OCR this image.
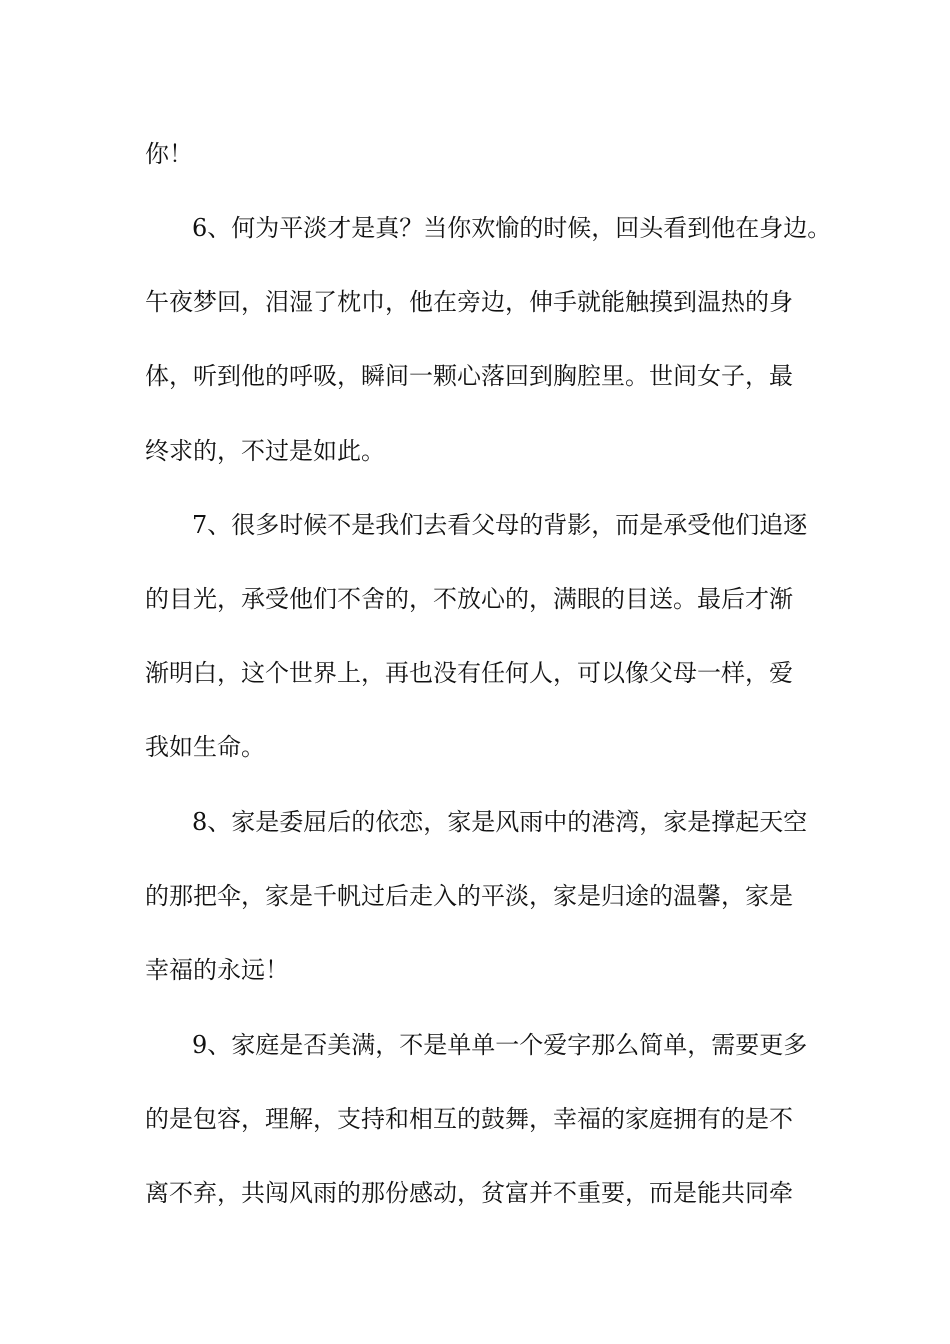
你！
6、何为平淡才是真？当你欢愉的时候，回头看到他在身边。
午夜梦回，泪湿了枕巾，他在旁边，伸手就能触摸到温热的身
体，听到他的呼吸，瞬间一颗心落回到胸腔里。世间女子，最
终求的，不过是如此。
7、很多时候不是我们去看父母的背影，而是承受他们追逐
的目光，承受他们不舍的，不放心的，满眼的目送。最后才渐
渐明白，这个世界上，再也没有任何人，可以像父母一样，爱
我如生命。
8、家是委屈后的依恋，家是风雨中的港湾，家是撑起天空
的那把伞，家是千帆过后走入的平淡，家是归途的温馨，家是
幸福的永远！
9、家庭是否美满，不是单单一个爱字那么简单，需要更多
的是包容，理解，支持和相互的鼓舞，幸福的家庭拥有的是不
离不弃，共闯风雨的那份感动，贫富并不重要，而是能共同牵
